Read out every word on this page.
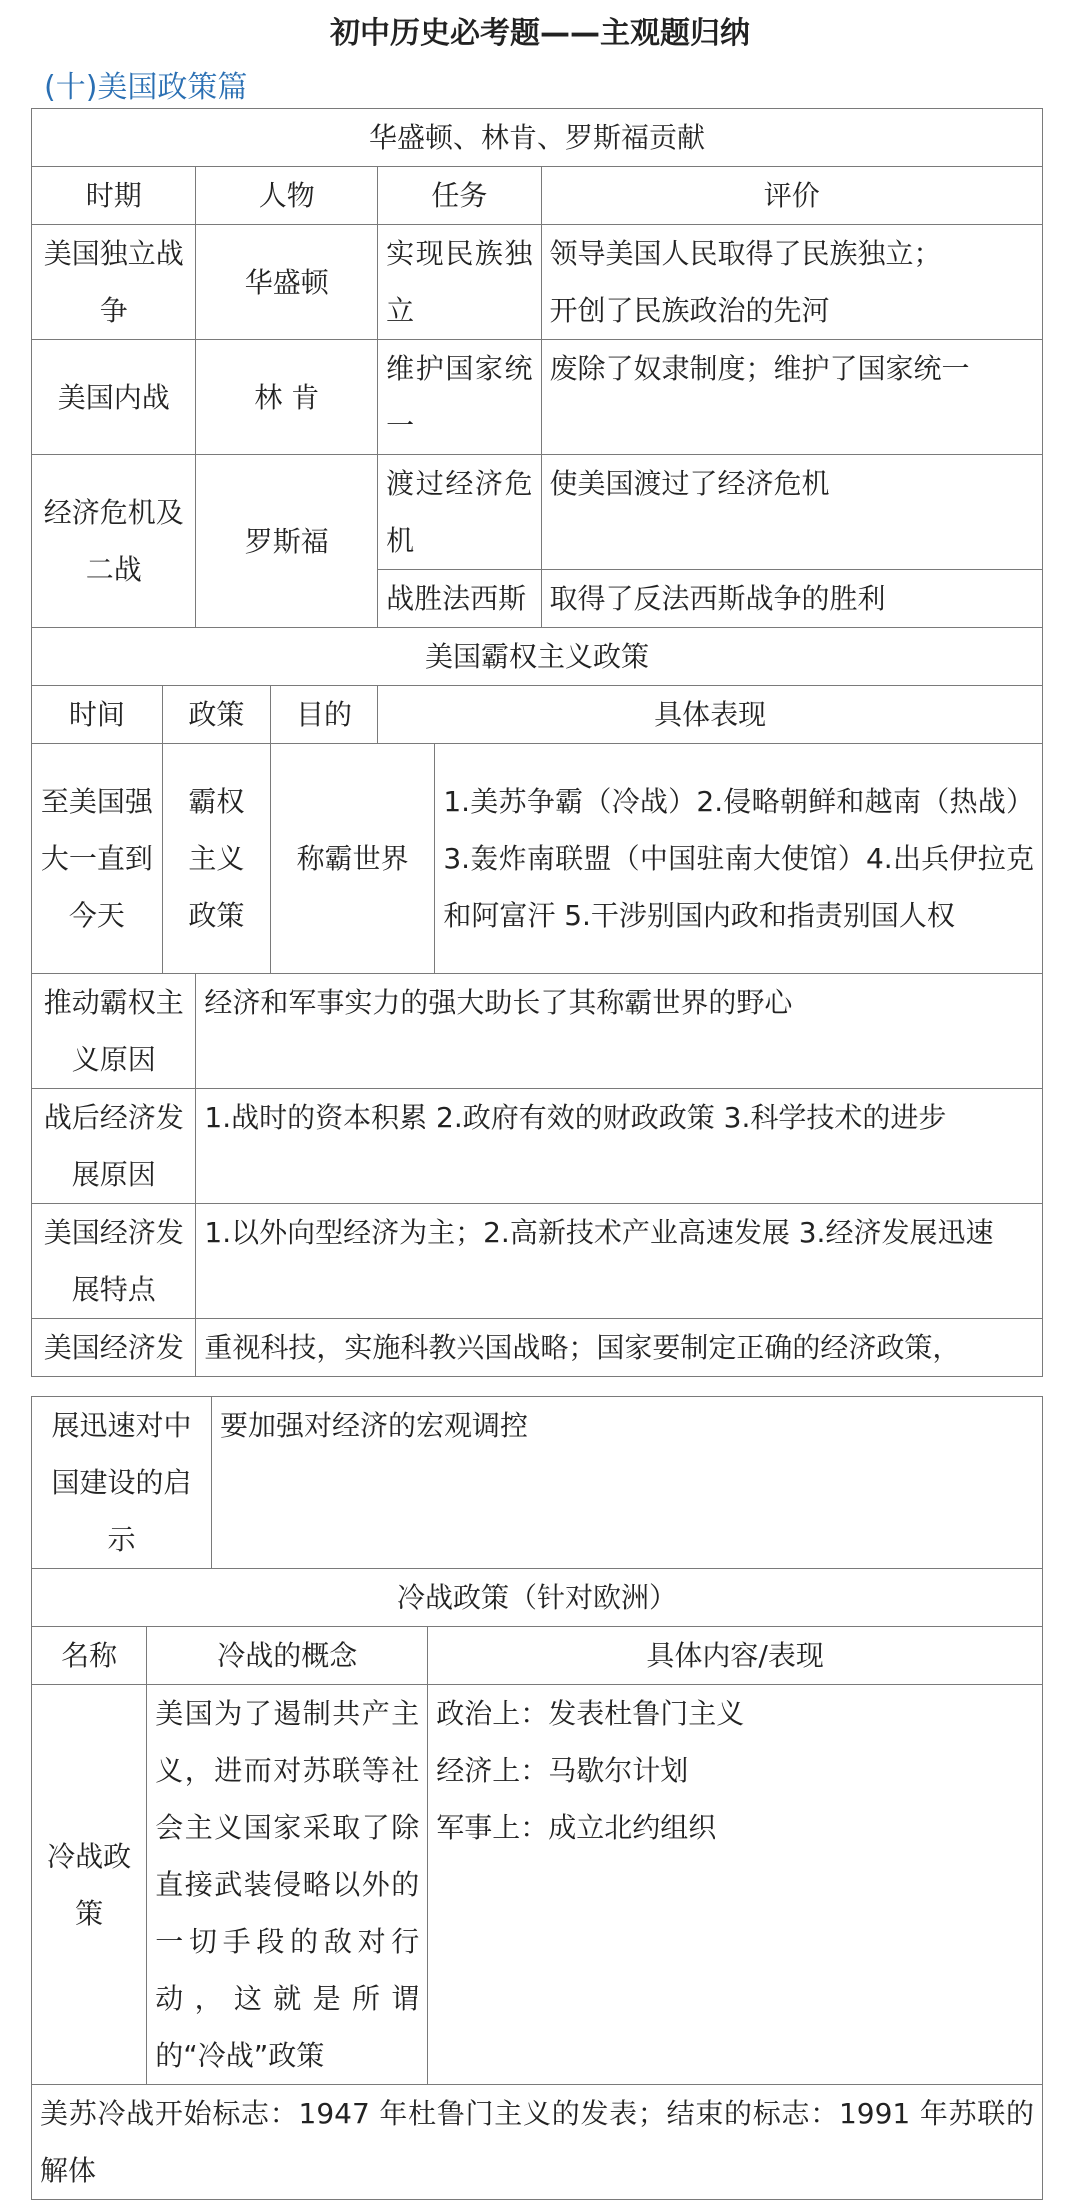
初中历史必考题——主观题归纳
(十)美国政策篇
华盛顿、林肯、罗斯福贡献						
时期		人物		任务		评价
美国独立战争		华盛顿		实现民族独立		领导美国人民取得了民族独立；
开创了民族政治的先河

美国内战		林 肯		维护国家统一		废除了奴隶制度；维护了国家统一
经济危机及二战		罗斯福		渡过经济危机		使美国渡过了经济危机
				战胜法西斯		取得了反法西斯战争的胜利
美国霸权主义政策						
时间	政策		目的	具体表现		
至美国强大一直到今天	霸权主义政策		称霸世界		1.美苏争霸（冷战）2.侵略朝鲜和越南（热战）3.轰炸南联盟（中国驻南大使馆）4.出兵伊拉克和阿富汗 5.干涉别国内政和指责别国人权	
推动霸权主义原因		经济和军事实力的强大助长了其称霸世界的野心				
战后经济发展原因		1.战时的资本积累 2.政府有效的财政政策 3.科学技术的进步				
美国经济发展特点		1.以外向型经济为主；2.高新技术产业高速发展 3.经济发展迅速				
美国经济发		重视科技，实施科教兴国战略；国家要制定正确的经济政策，				
展迅速对中国建设的启示		要加强对经济的宏观调控	
冷战政策（针对欧洲）			
名称	冷战的概念		具体内容/表现
冷战政策	美国为了遏制共产主义，进而对苏联等社会主义国家采取了除直接武装侵略以外的一切手段的敌对行动，这就是所谓的“冷战”政策		政治上：发表杜鲁门主义
经济上：马歇尔计划
军事上：成立北约组织

美苏冷战开始标志：1947 年杜鲁门主义的发表；结束的标志：1991 年苏联的解体			
